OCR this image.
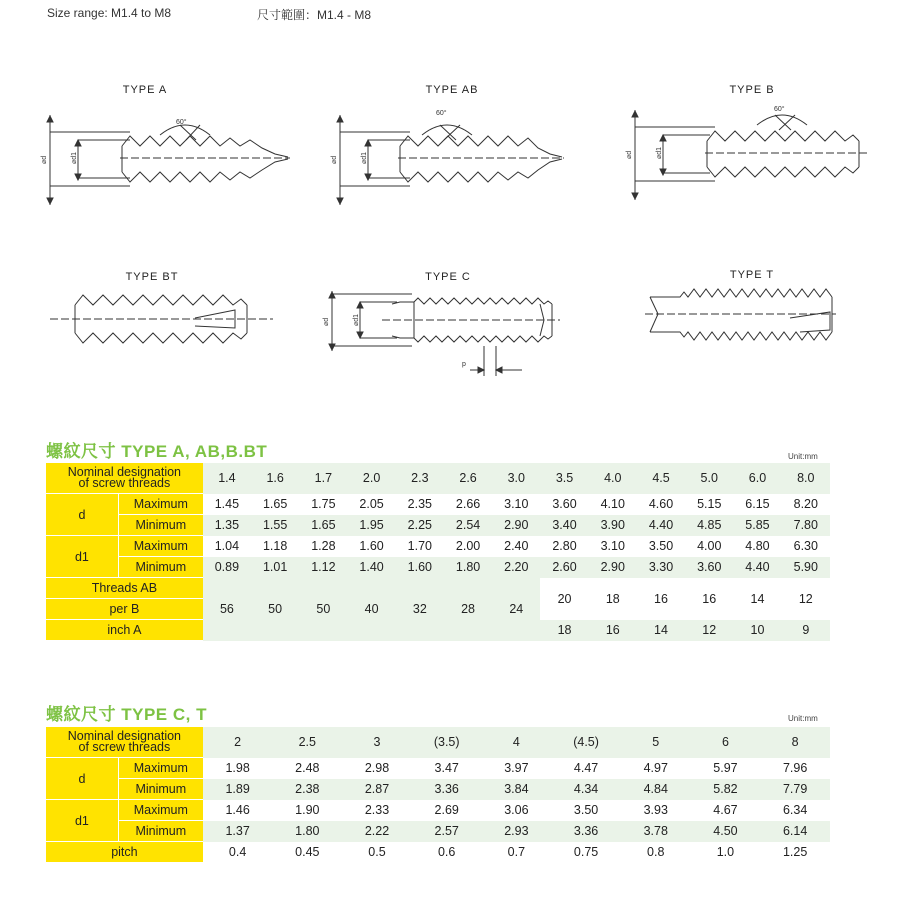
Size range: M1.4 to M8	尺寸範圍：M1.4 - M8
TYPE A	TYPE AB	TYPE B
TYPE BT	TYPE C	TYPE T
60°
⌀d	⌀d1
60°
⌀d	⌀d1
60°
⌀d	⌀d1
p
⌀d	⌀d1
螺紋尺寸 TYPE A, AB,B.BT	Unit:mm
Nominal designation
of screw threads		1.4	1.6	1.7	2.0	2.3	2.6	3.0	3.5	4.0	4.5	5.0	6.0	8.0
d	Maximum	1.45	1.65	1.75	2.05	2.35	2.66	3.10	3.60	4.10	4.60	5.15	6.15	8.20
	Minimum	1.35	1.55	1.65	1.95	2.25	2.54	2.90	3.40	3.90	4.40	4.85	5.85	7.80
d1	Maximum	1.04	1.18	1.28	1.60	1.70	2.00	2.40	2.80	3.10	3.50	4.00	4.80	6.30
	Minimum	0.89	1.01	1.12	1.40	1.60	1.80	2.20	2.60	2.90	3.30	3.60	4.40	5.90
Threads AB		56	50	50	40	32	28	24	20	18	16	16	14	12
per B														
inch A									18	16	14	12	10	9
螺紋尺寸 TYPE C, T	Unit:mm
Nominal designation
of screw threads		2	2.5	3	(3.5)	4	(4.5)	5	6	8
d	Maximum	1.98	2.48	2.98	3.47	3.97	4.47	4.97	5.97	7.96
	Minimum	1.89	2.38	2.87	3.36	3.84	4.34	4.84	5.82	7.79
d1	Maximum	1.46	1.90	2.33	2.69	3.06	3.50	3.93	4.67	6.34
	Minimum	1.37	1.80	2.22	2.57	2.93	3.36	3.78	4.50	6.14
pitch		0.4	0.45	0.5	0.6	0.7	0.75	0.8	1.0	1.25
